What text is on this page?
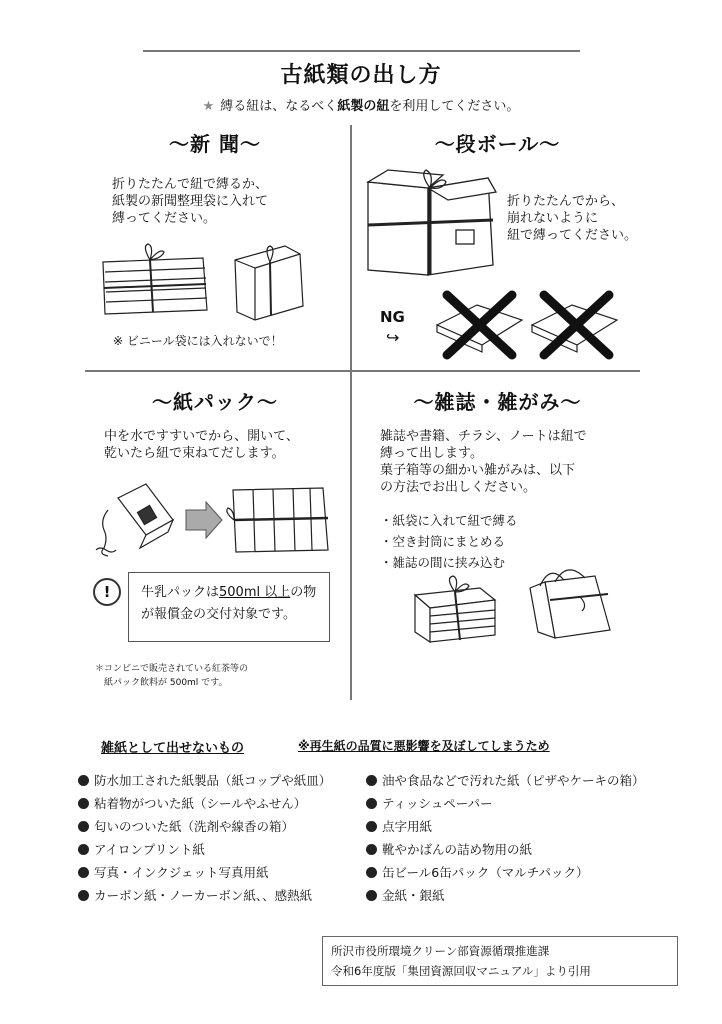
古紙類の出し方
★ 縛る紐は、なるべく紙製の紐を利用してください。
〜新 聞〜
折りたたんで紐で縛るか、
紙製の新聞整理袋に入れて
縛ってください。
※ ビニール袋には入れないで！
〜段ボール〜
折りたたんでから、
崩れないように
紐で縛ってください。
NG
↪
〜紙パック〜
中を水ですすいでから、開いて、
乾いたら紐で束ねてだします。
!	牛乳パックは500ml 以上の物
が報償金の交付対象です。
＊コンビニで販売されている紅茶等の
　紙パック飲料が 500ml です。
〜雑誌・雑がみ〜
雑誌や書籍、チラシ、ノートは紐で
縛って出します。
菓子箱等の細かい雑がみは、以下
の方法でお出しください。
・ 紙袋に入れて紐で縛る
・ 空き封筒にまとめる
・ 雑誌の間に挟み込む
雑紙として出せないもの	※再生紙の品質に悪影響を及ぼしてしまうため
防水加工された紙製品（紙コップや紙皿）
粘着物がついた紙（シールやふせん）
匂いのついた紙（洗剤や線香の箱）
アイロンプリント紙
写真・インクジェット写真用紙
カーボン紙・ノーカーボン紙、、感熱紙
油や食品などで汚れた紙（ピザやケーキの箱）
ティッシュペーパー
点字用紙
靴やかばんの詰め物用の紙
缶ビール6缶パック（マルチパック）
金紙・銀紙
所沢市役所環境クリーン部資源循環推進課
令和6年度版「集団資源回収マニュアル」より引用
